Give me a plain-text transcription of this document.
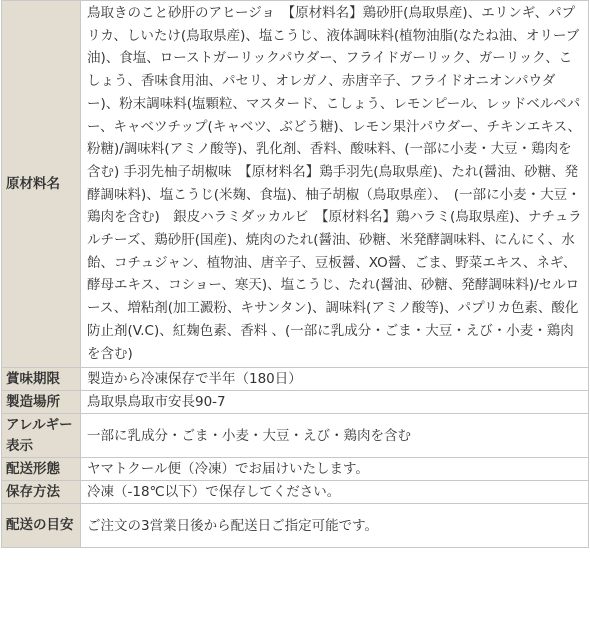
原材料名	鳥取きのこと砂肝のアヒージョ　【原材料名】鶏砂肝(鳥取県産)、エリンギ、パプリカ、しいたけ(鳥取県産)、塩こうじ、液体調味料(植物油脂(なたね油、オリーブ油)、食塩、ローストガーリックパウダー、フライドガーリック、ガーリック、こしょう、香味食用油、パセリ、オレガノ、赤唐辛子、フライドオニオンパウダー)、粉末調味料(塩顆粒、マスタード、こしょう、レモンピール、レッドベルペパー、キャベツチップ(キャベツ、ぶどう糖)、レモン果汁パウダー、チキンエキス、粉糖)/調味料(アミノ酸等)、乳化剤、香料、酸味料、(一部に小麦・大豆・鶏肉を含む) 手羽先柚子胡椒味　【原材料名】鶏手羽先(鳥取県産)、たれ(醤油、砂糖、発酵調味料)、塩こうじ(米麹、食塩)、柚子胡椒（鳥取県産）、　(一部に小麦・大豆・鶏肉を含む)　銀皮ハラミダッカルビ　【原材料名】鶏ハラミ(鳥取県産)、ナチュラルチーズ、鶏砂肝(国産)、焼肉のたれ(醤油、砂糖、米発酵調味料、にんにく、水飴、コチュジャン、植物油、唐辛子、豆板醤、XO醤、ごま、野菜エキス、ネギ、酵母エキス、コショー、寒天)、塩こうじ、たれ(醤油、砂糖、発酵調味料)/セルロース、増粘剤(加工澱粉、キサンタン)、調味料(アミノ酸等)、パプリカ色素、酸化防止剤(V.C)、紅麹色素、香料 、(一部に乳成分・ごま・大豆・えび・小麦・鶏肉を含む)
賞味期限	製造から冷凍保存で半年（180日）
製造場所	鳥取県鳥取市安長90-7
アレルギー表示	一部に乳成分・ごま・小麦・大豆・えび・鶏肉を含む
配送形態	ヤマトクール便（冷凍）でお届けいたします。
保存方法	冷凍（-18℃以下）で保存してください。
配送の目安	ご注文の3営業日後から配送日ご指定可能です。
